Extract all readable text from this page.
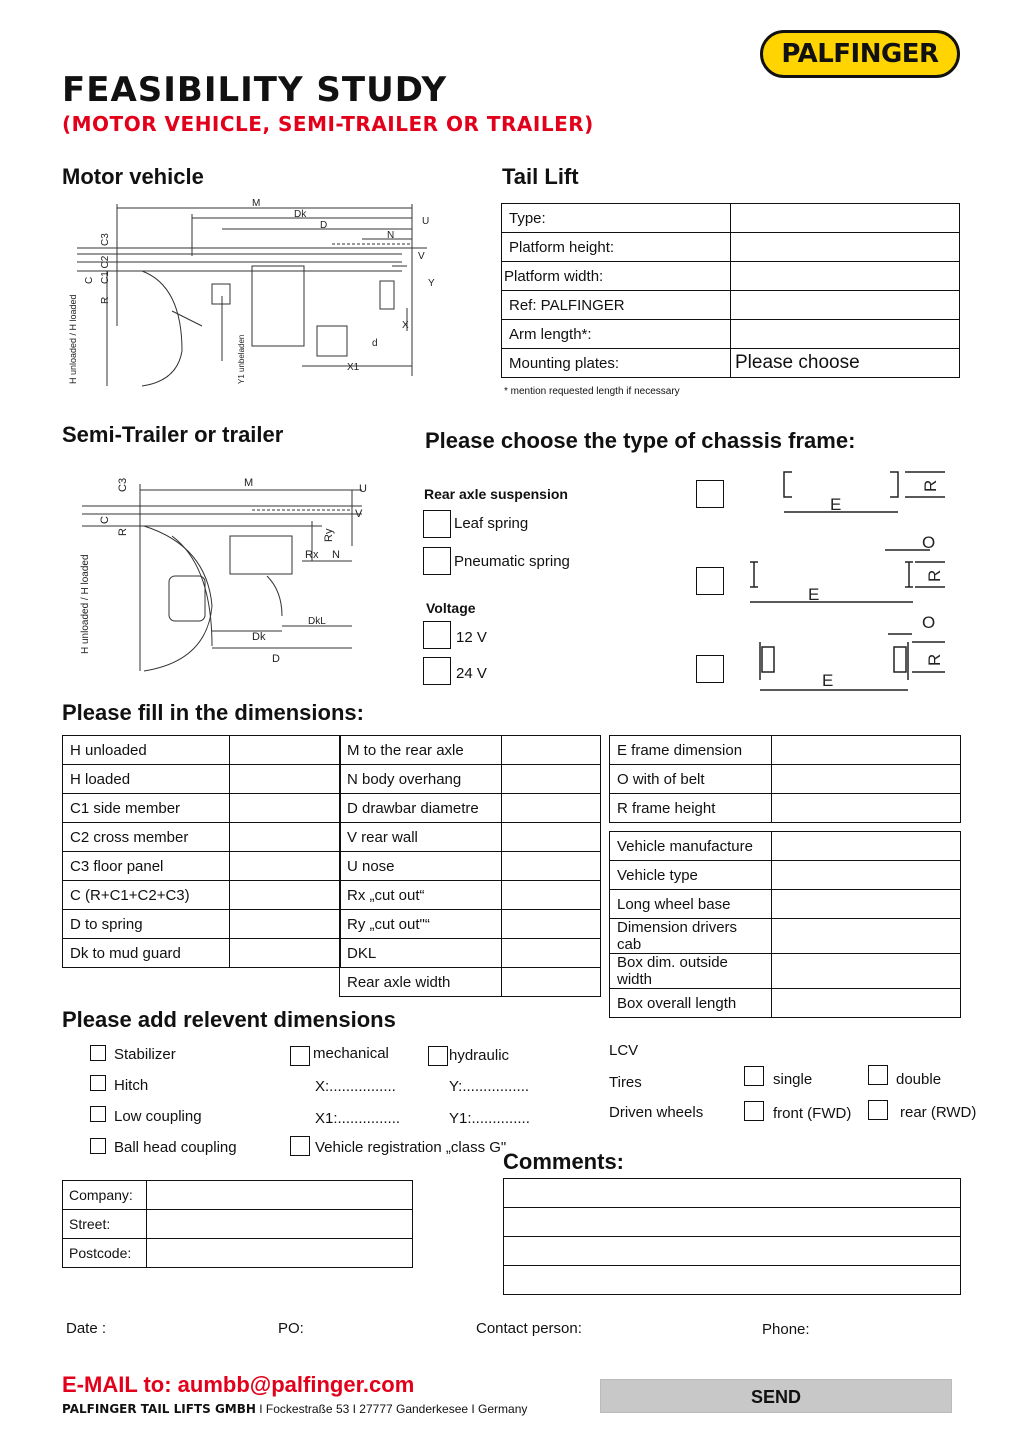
PALFINGER
FEASIBILITY STUDY
(MOTOR VEHICLE, SEMI-TRAILER OR TRAILER)
Motor vehicle
M
Dk
D
N
U
V
Y
X
X1
d
C3
C1 C2
C
R
H unloaded / H loaded	Y1 unbeladen
Tail Lift
Type:	
Platform height:	
Platform width:	
Ref: PALFINGER	
Arm length*:	
Mounting plates:	Please choose
* mention requested length if necessary
Semi-Trailer or trailer
C3	M	U
V
Ry
Rx N
C
R
Dk
DkL
D
H unloaded / H loaded
Please choose the type of chassis frame:
Rear axle suspension
Leaf spring
Pneumatic spring
Voltage
12 V
24 V
E
R
O
E
R
O
E
R
Please fill in the dimensions:
H unloaded	
H loaded	
C1 side member	
C2 cross member	
C3 floor panel	
C (R+C1+C2+C3)	
D to spring	
Dk to mud guard	
M to the rear axle	
N body overhang	
D drawbar diametre	
V rear wall	
U nose	
Rx „cut out“	
Ry „cut out"“	
DKL	
Rear axle width	
E frame dimension	
O with of belt	
R frame height	
Vehicle manufacture	
Vehicle type	
Long wheel base	
Dimension drivers cab	
Box dim. outside width	
Box overall length	
Please add relevent dimensions
Stabilizer
Hitch
Low coupling
Ball head coupling
mechanical	hydraulic
X:................	Y:................
X1:...............	Y1:..............
Vehicle registration „class G"
LCV
Tires
Driven wheels
single	double
front (FWD)	rear (RWD)
Company:	
Street:	
Postcode:	
Comments:

Date :	PO:	Contact person:	Phone:
E-MAIL to: aumbb@palfinger.com
PALFINGER TAIL LIFTS GMBH I Fockestraße 53 I 27777 Ganderkesee I Germany
SEND
